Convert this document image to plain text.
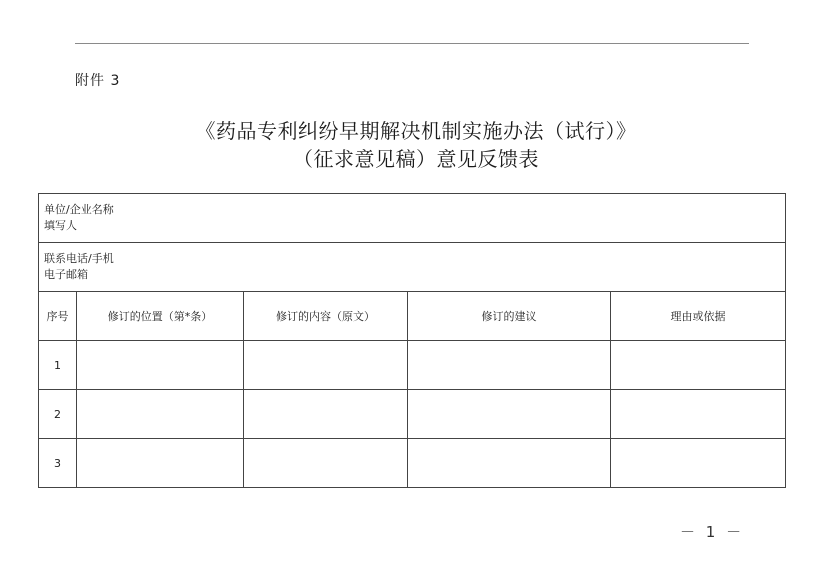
附件 3
《药品专利纠纷早期解决机制实施办法（试行）》
（征求意见稿）意见反馈表
单位/企业名称
填写人				

联系电话/手机
电子邮箱				

序号	修订的位置（第*条）	修订的内容（原文）	修订的建议	理由或依据
1				
2				
3				
－ 1 －
